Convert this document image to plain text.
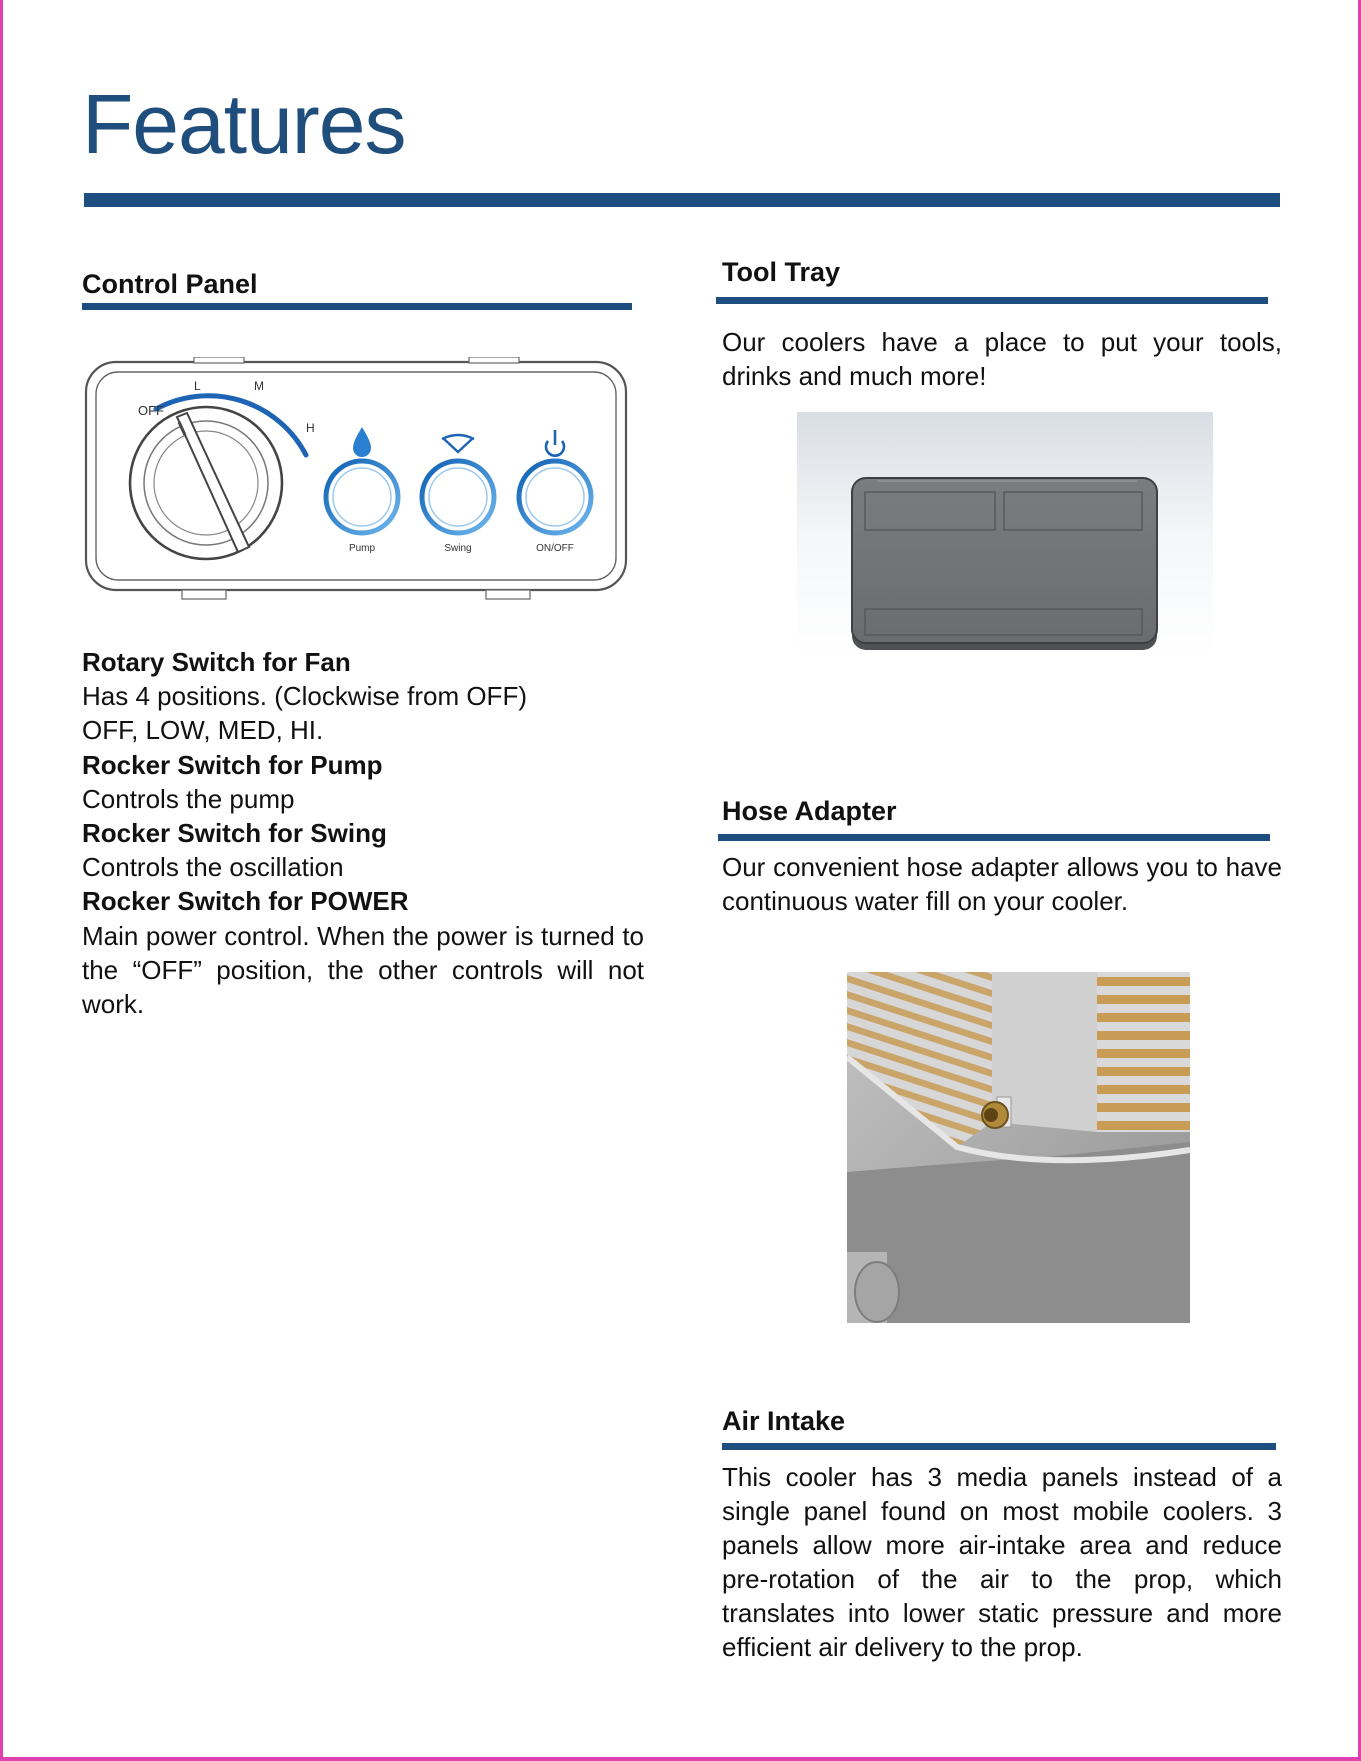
Features
Control Panel
OFF
L	M
H
Pump	Swing	ON/OFF

Rotary Switch for Fan

Has 4 positions. (Clockwise from OFF) OFF, LOW, MED, HI.

Rocker Switch for Pump

Controls the pump

Rocker Switch for Swing

Controls the oscillation

Rocker Switch for POWER

Main power control. When the power is turned to the “OFF” position, the other controls will not work.

Tool Tray

Our coolers have a place to put your tools, drinks and much more!

Hose Adapter

Our convenient hose adapter allows you to have continuous water fill on your cooler.

Air Intake

This cooler has 3 media panels instead of a single panel found on most mobile coolers. 3 panels allow more air-intake area and reduce pre-rotation of the air to the prop, which translates into lower static pressure and more efficient air delivery to the prop.
